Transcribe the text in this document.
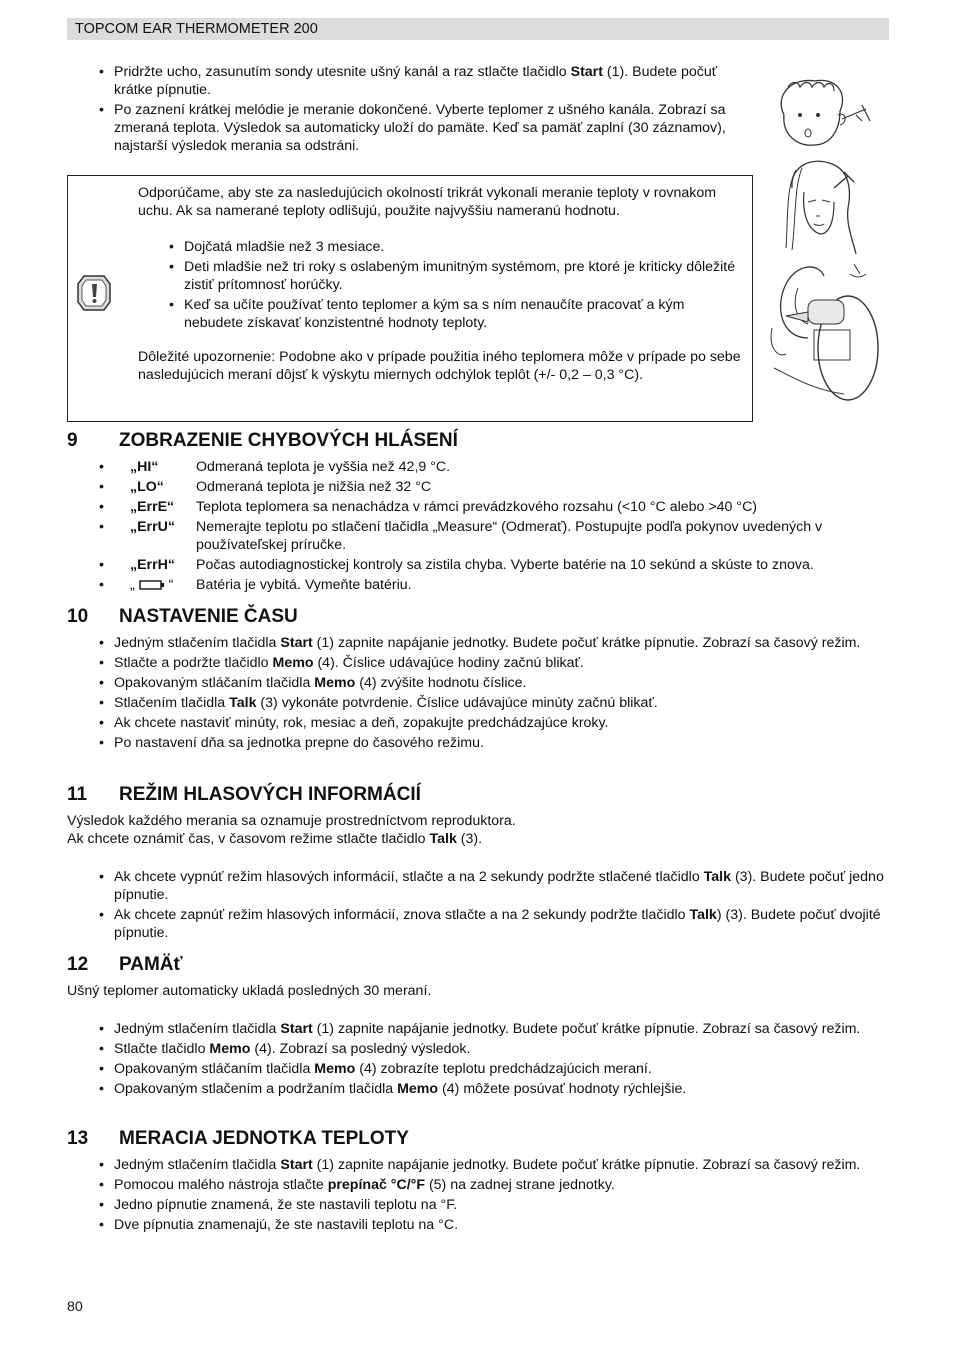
TOPCOM EAR THERMOMETER 200
• Pridržte ucho, zasunutím sondy utesnite ušný kanál a raz stlačte tlačidlo Start (1). Budete počuť krátke pípnutie.
• Po zaznení krátkej melódie je meranie dokončené. Vyberte teplomer z ušného kanála. Zobrazí sa zmeraná teplota. Výsledok sa automaticky uloží do pamäte. Keď sa pamäť zaplní (30 záznamov), najstarší výsledok merania sa odstráni.

Odporúčame, aby ste za nasledujúcich okolností trikrát vykonali meranie teploty v rovnakom uchu. Ak sa namerané teploty odlišujú, použite najvyššiu nameranú hodnotu.

• Dojčatá mladšie než 3 mesiace.
• Deti mladšie než tri roky s oslabeným imunitným systémom, pre ktoré je kriticky dôležité zistiť prítomnosť horúčky.
• Keď sa učíte používať tento teplomer a kým sa s ním nenaučíte pracovať a kým nebudete získavať konzistentné hodnoty teploty.

Dôležité upozornenie: Podobne ako v prípade použitia iného teplomera môže v prípade po sebe nasledujúcich meraní dôjsť k výskytu miernych odchýlok teplôt (+/- 0,2 – 0,3 °C).

9 ZOBRAZENIE CHYBOVÝCH HLÁSENÍ
• „HI“	Odmeraná teplota je vyššia než 42,9 °C.
• „LO“ Odmeraná teplota je nižšia než 32 °C
• „ErrE“ Teplota teplomera sa nenachádza v rámci prevádzkového rozsahu (<10 °C alebo >40 °C)
• „ErrU“ Nemerajte teplotu po stlačení tlačidla „Measure“ (Odmerať). Postupujte podľa pokynov uvedených v používateľskej príručke.
• „ErrH“ Počas autodiagnostickej kontroly sa zistila chyba. Vyberte batérie na 10 sekúnd a skúste to znova.
• „ “ Batéria je vybitá. Vymeňte batériu.
10 NASTAVENIE ČASU
• Jedným stlačením tlačidla Start (1) zapnite napájanie jednotky. Budete počuť krátke pípnutie. Zobrazí sa časový režim.
• Stlačte a podržte tlačidlo Memo (4). Číslice udávajúce hodiny začnú blikať.
• Opakovaným stláčaním tlačidla Memo (4) zvýšite hodnotu číslice.
• Stlačením tlačidla Talk (3) vykonáte potvrdenie. Číslice udávajúce minúty začnú blikať.
• Ak chcete nastaviť minúty, rok, mesiac a deň, zopakujte predchádzajúce kroky.
• Po nastavení dňa sa jednotka prepne do časového režimu.
11 REŽIM HLASOVÝCH INFORMÁCIÍ

Výsledok každého merania sa oznamuje prostredníctvom reproduktora.

Ak chcete oznámiť čas, v časovom režime stlačte tlačidlo Talk (3).

• Ak chcete vypnúť režim hlasových informácií, stlačte a na 2 sekundy podržte stlačené tlačidlo Talk (3). Budete počuť jedno pípnutie.
• Ak chcete zapnúť režim hlasových informácií, znova stlačte a na 2 sekundy podržte tlačidlo Talk) (3). Budete počuť dvojité pípnutie.
12 PAMÄť

Ušný teplomer automaticky ukladá posledných 30 meraní.

• Jedným stlačením tlačidla Start (1) zapnite napájanie jednotky. Budete počuť krátke pípnutie. Zobrazí sa časový režim.
• Stlačte tlačidlo Memo (4). Zobrazí sa posledný výsledok.
• Opakovaným stláčaním tlačidla Memo (4) zobrazíte teplotu predchádzajúcich meraní.
• Opakovaným stlačením a podržaním tlačidla Memo (4) môžete posúvať hodnoty rýchlejšie.
13 MERACIA JEDNOTKA TEPLOTY
• Jedným stlačením tlačidla Start (1) zapnite napájanie jednotky. Budete počuť krátke pípnutie. Zobrazí sa časový režim.
• Pomocou malého nástroja stlačte prepínač °C/°F (5) na zadnej strane jednotky.
• Jedno pípnutie znamená, že ste nastavili teplotu na °F.
• Dve pípnutia znamenajú, že ste nastavili teplotu na °C.
80
